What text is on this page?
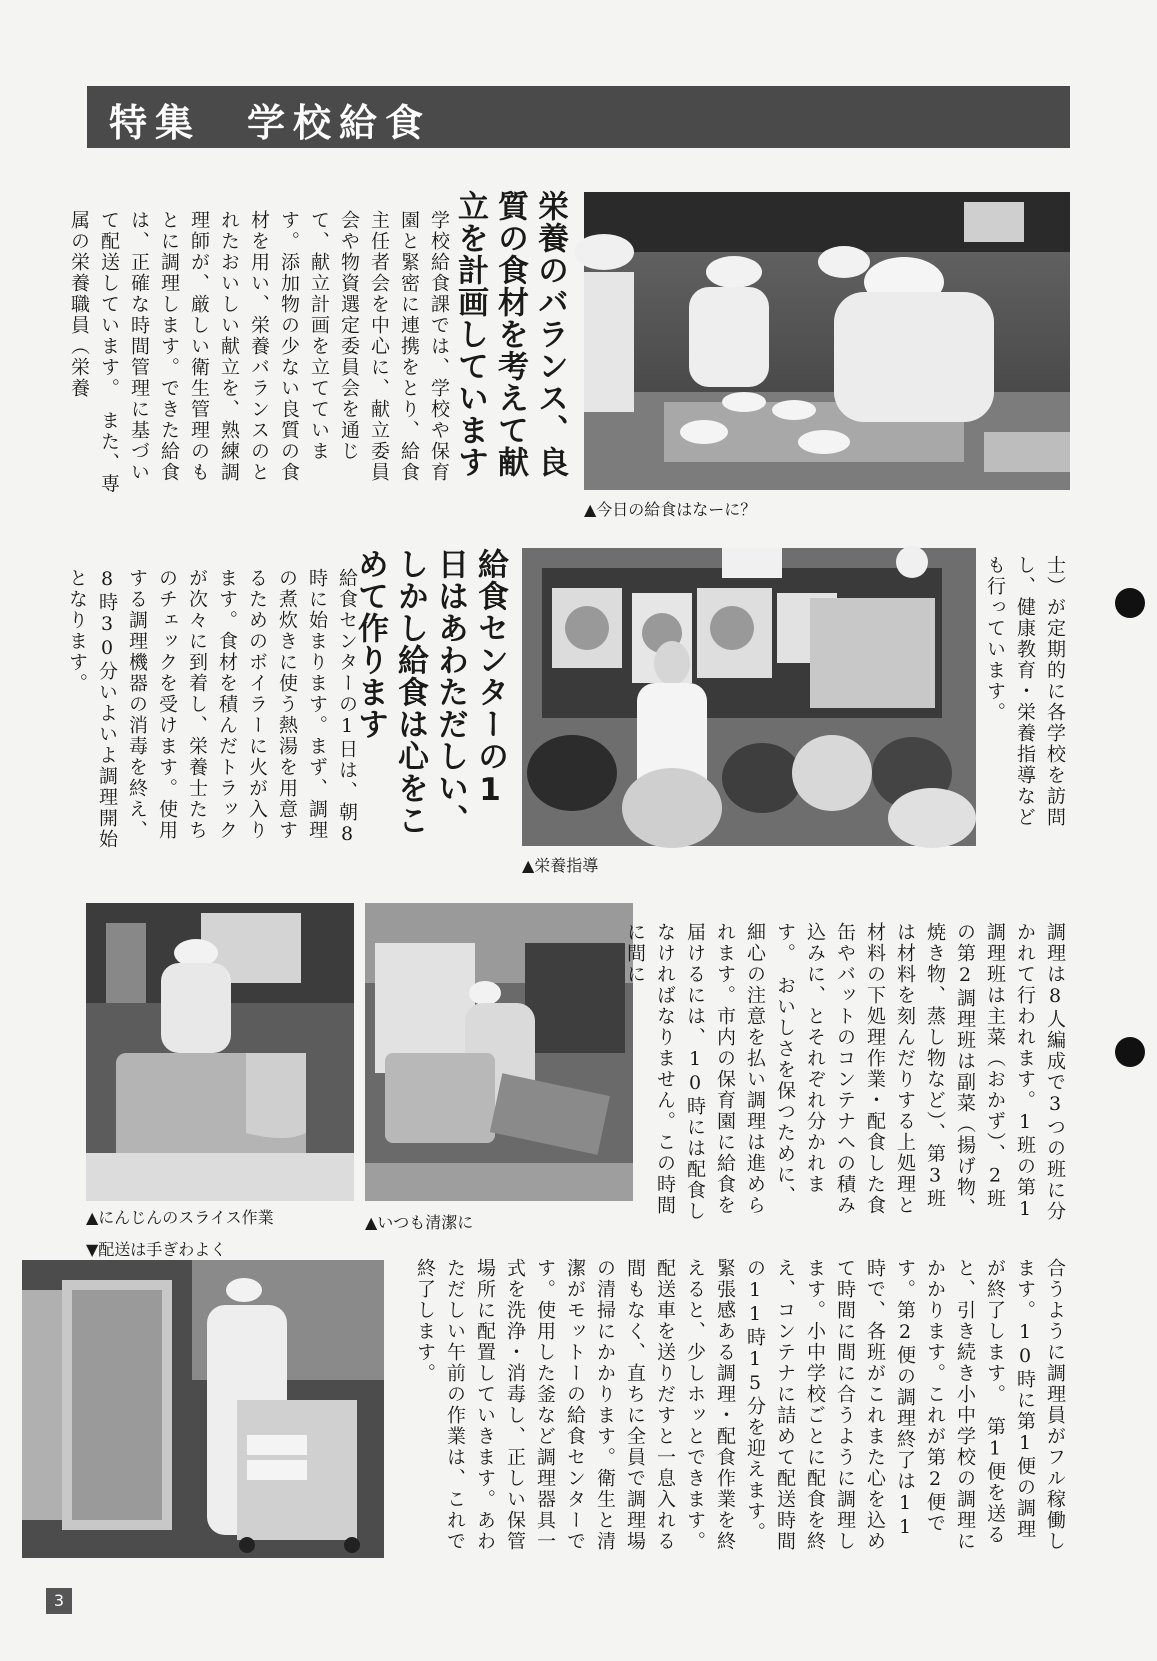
特集　学校給食
栄養のバランス、良質の食材を考えて献立を計画しています
学校給食課では、学校や保育園と緊密に連携をとり、給食主任者会を中心に、献立委員会や物資選定委員会を通じて、献立計画を立てています。添加物の少ない良質の食材を用い、栄養バランスのとれたおいしい献立を、熟練調理師が、厳しい衛生管理のもとに調理します。できた給食は、正確な時間管理に基づいて配送しています。　また、専属の栄養職員（栄養
▲今日の給食はなーに？
給食センターの1日はあわただしい、しかし給食は心をこめて作ります
給食センターの1日は、朝8時に始まります。まず、調理の煮炊きに使う熱湯を用意するためのボイラーに火が入ります。食材を積んだトラックが次々に到着し、栄養士たちのチェックを受けます。使用する調理機器の消毒を終え、8時30分いよいよ調理開始となります。
▲栄養指導
士）が定期的に各学校を訪問し、健康教育・栄養指導なども行っています。
▲にんじんのスライス作業	▲いつも清潔に
調理は8人編成で3つの班に分かれて行われます。1班の第1調理班は主菜（おかず）、2班の第2調理班は副菜（揚げ物、焼き物、蒸し物など）、第3班は材料を刻んだりする上処理と材料の下処理作業・配食した食缶やバットのコンテナへの積み込みに、とそれぞれ分かれます。　おいしさを保つために、細心の注意を払い調理は進められます。市内の保育園に給食を届けるには、10時には配食しなければなりません。この時間に間に
▼配送は手ぎわよく
合うように調理員がフル稼働します。10時に第1便の調理が終了します。　第1便を送ると、引き続き小中学校の調理にかかります。これが第2便です。第2便の調理終了は11時で、各班がこれまた心を込めて時間に間に合うように調理します。小中学校ごとに配食を終え、コンテナに詰めて配送時間の11時15分を迎えます。緊張感ある調理・配食作業を終えると、少しホッとできます。　配送車を送りだすと一息入れる間もなく、直ちに全員で調理場の清掃にかかります。衛生と清潔がモットーの給食センターです。使用した釜など調理器具一式を洗浄・消毒し、正しい保管場所に配置していきます。あわただしい午前の作業は、これで終了します。
3
